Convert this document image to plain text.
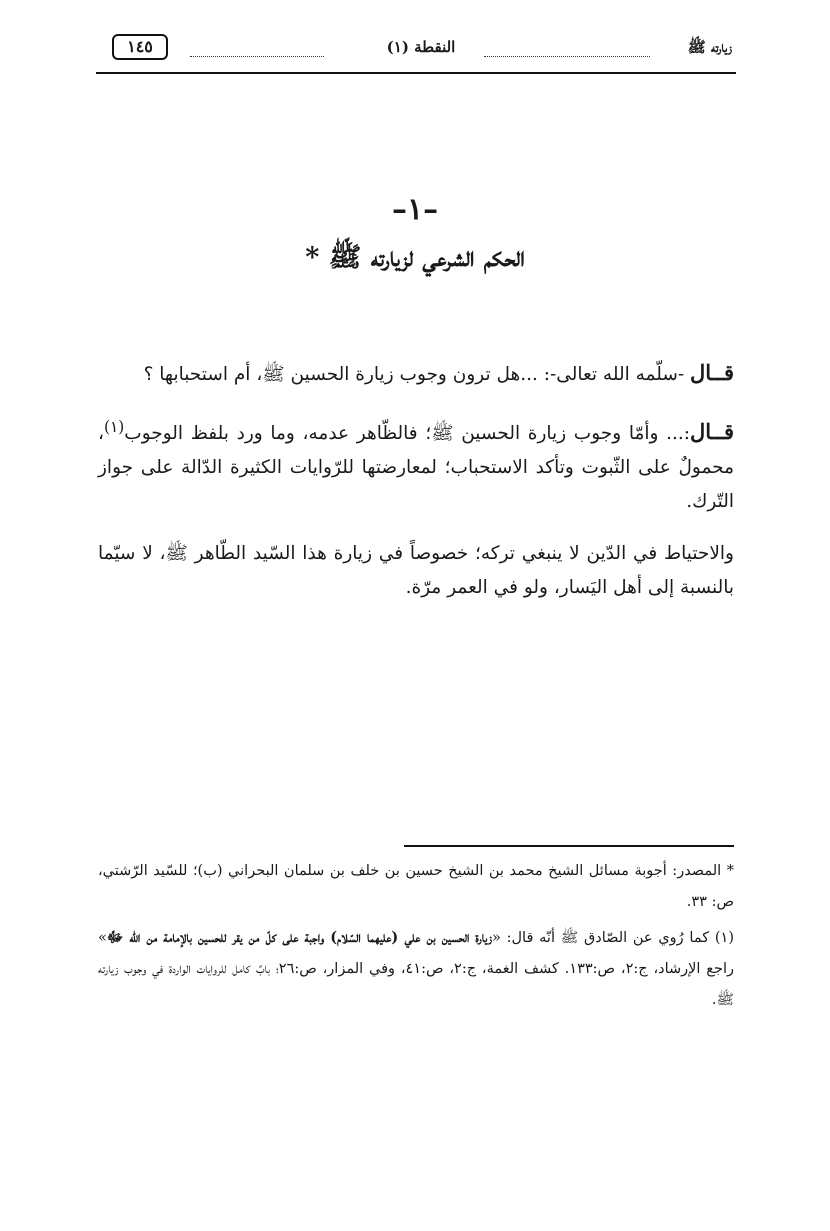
زيارته ﷺ
النقطة (١)
١٤٥
–١–
الحكم الشرعي لزيارته ﷺ *

قــال -سلّمه الله تعالى-: ...هل ترون وجوب زيارة الحسين ﷺ، أم استحبابها ؟

قــال:... وأمّا وجوب زيارة الحسين ﷺ؛ فالظّاهر عدمه، وما ورد بلفظ الوجوب$^{(١)}$، محمولٌ على الثّبوت وتأكد الاستحباب؛ لمعارضتها للرّوايات الكثيرة الدّالة على جواز التّرك.

والاحتياط في الدّين لا ينبغي تركه؛ خصوصاً في زيارة هذا السّيد الطّاهر ﷺ، لا سيّما بالنسبة إلى أهل اليَسار، ولو في العمر مرّة.

* المصدر: أجوبة مسائل الشيخ محمد بن الشيخ حسين بن خلف بن سلمان البحراني (ب)؛ للسّيد الرّشتي، ص: ٣٣.

(١) كما رُوي عن الصّادق ﷺ أنّه قال: «زيارة الحسين بن علي (عليهما السّلام) واجبة على كلّ من يقر للحسين بالإمامة من الله ﷻ» راجع الإرشاد، ج:٢، ص:١٣٣. كشف الغمة، ج:٢، ص:٤١، وفي المزار، ص:٢٦؛ بابٌ كامل للروايات الواردة في وجوب زيارته ﷺ.
